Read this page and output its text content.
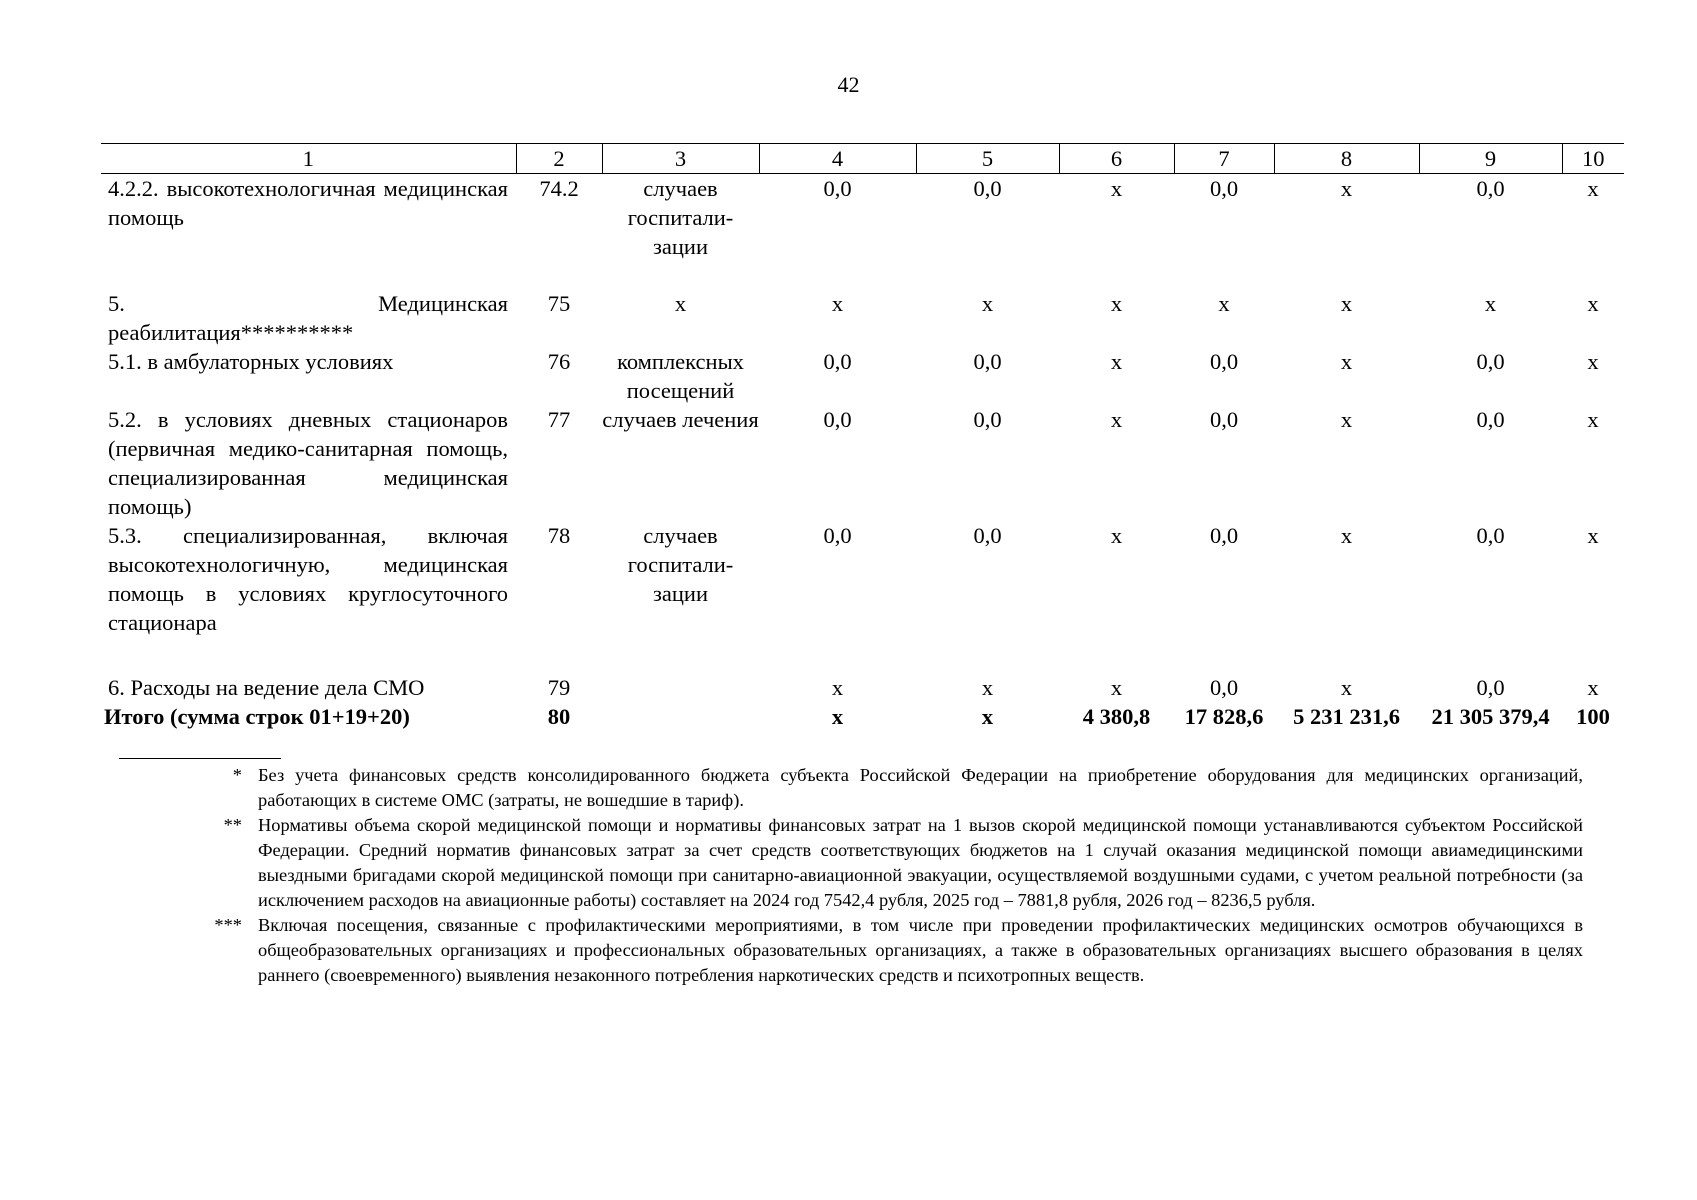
42
1	2	3	4	5	6	7	8	9	10
4.2.2. высокотехнологичная медицинская помощь	74.2	случаев госпитали-зации	0,0	0,0	х	0,0	х	0,0	х
5. Медицинская реабилитация**********	75	х	х	х	х	х	х	х	х
5.1. в амбулаторных условиях	76	комплексных посещений	0,0	0,0	х	0,0	х	0,0	х
5.2. в условиях дневных стационаров (первичная медико-санитарная помощь, специализированная медицинская помощь)	77	случаев лечения	0,0	0,0	х	0,0	х	0,0	х
5.3. специализированная, включая высокотехнологичную, медицинская помощь в условиях круглосуточного стационара	78	случаев госпитали-зации	0,0	0,0	х	0,0	х	0,0	х
6. Расходы на ведение дела СМО	79		х	х	х	0,0	х	0,0	х
Итого (сумма строк 01+19+20)	80		х	х	4 380,8	17 828,6	5 231 231,6	21 305 379,4	100
* Без учета финансовых средств консолидированного бюджета субъекта Российской Федерации на приобретение оборудования для медицинских организаций, работающих в системе ОМС (затраты, не вошедшие в тариф).
** Нормативы объема скорой медицинской помощи и нормативы финансовых затрат на 1 вызов скорой медицинской помощи устанавливаются субъектом Российской Федерации. Средний норматив финансовых затрат за счет средств соответствующих бюджетов на 1 случай оказания медицинской помощи авиамедицинскими выездными бригадами скорой медицинской помощи при санитарно-авиационной эвакуации, осуществляемой воздушными судами, с учетом реальной потребности (за исключением расходов на авиационные работы) составляет на 2024 год 7542,4 рубля, 2025 год – 7881,8 рубля, 2026 год – 8236,5 рубля.
*** Включая посещения, связанные с профилактическими мероприятиями, в том числе при проведении профилактических медицинских осмотров обучающихся в общеобразовательных организациях и профессиональных образовательных организациях, а также в образовательных организациях высшего образования в целях раннего (своевременного) выявления незаконного потребления наркотических средств и психотропных веществ.
